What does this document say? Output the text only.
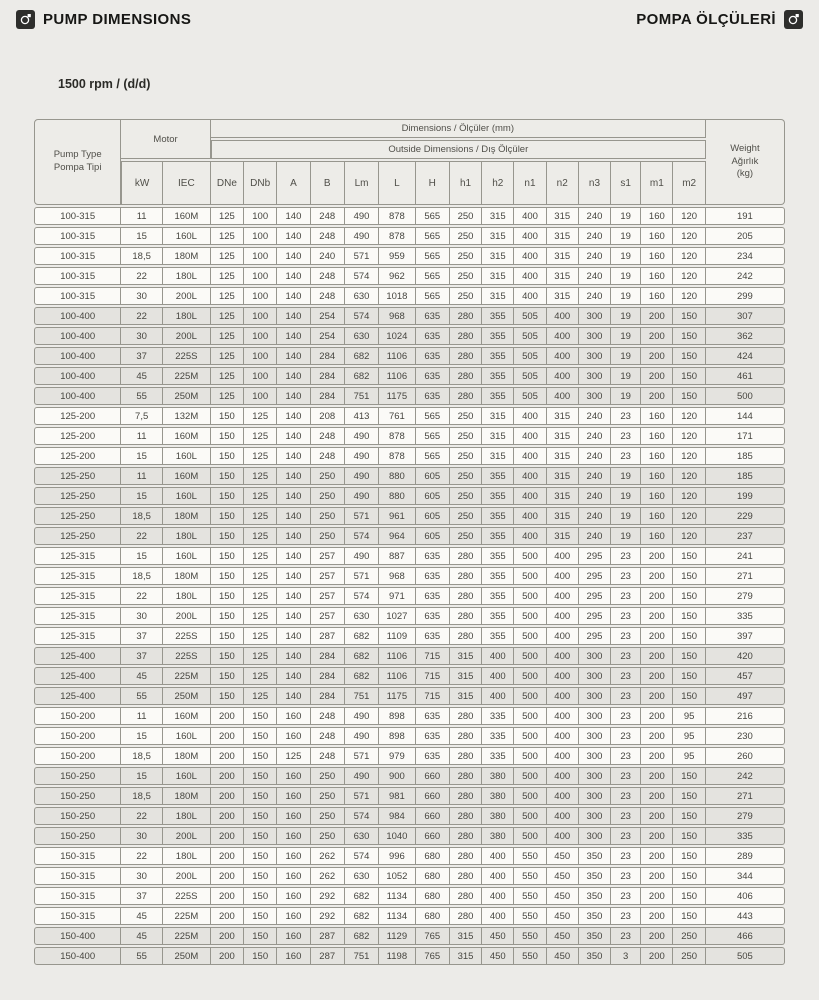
PUMP DIMENSIONS	POMPA ÖLÇÜLERİ
1500 rpm / (d/d)
Pump Type
Pompa Tipi	Motor		Dimensions / Ölçüler (mm)															Weight
Ağırlık
(kg)

			Outside Dimensions / Dış Ölçüler															
	kW	IEC	DNe	DNb	A	B	Lm	L	H	h1	h2	n1	n2	n3	s1	m1	m2	
100-315	11	160M	125	100	140	248	490	878	565	250	315	400	315	240	19	160	120	191
100-315	15	160L	125	100	140	248	490	878	565	250	315	400	315	240	19	160	120	205
100-315	18,5	180M	125	100	140	240	571	959	565	250	315	400	315	240	19	160	120	234
100-315	22	180L	125	100	140	248	574	962	565	250	315	400	315	240	19	160	120	242
100-315	30	200L	125	100	140	248	630	1018	565	250	315	400	315	240	19	160	120	299
100-400	22	180L	125	100	140	254	574	968	635	280	355	505	400	300	19	200	150	307
100-400	30	200L	125	100	140	254	630	1024	635	280	355	505	400	300	19	200	150	362
100-400	37	225S	125	100	140	284	682	1106	635	280	355	505	400	300	19	200	150	424
100-400	45	225M	125	100	140	284	682	1106	635	280	355	505	400	300	19	200	150	461
100-400	55	250M	125	100	140	284	751	1175	635	280	355	505	400	300	19	200	150	500
125-200	7,5	132M	150	125	140	208	413	761	565	250	315	400	315	240	23	160	120	144
125-200	11	160M	150	125	140	248	490	878	565	250	315	400	315	240	23	160	120	171
125-200	15	160L	150	125	140	248	490	878	565	250	315	400	315	240	23	160	120	185
125-250	11	160M	150	125	140	250	490	880	605	250	355	400	315	240	19	160	120	185
125-250	15	160L	150	125	140	250	490	880	605	250	355	400	315	240	19	160	120	199
125-250	18,5	180M	150	125	140	250	571	961	605	250	355	400	315	240	19	160	120	229
125-250	22	180L	150	125	140	250	574	964	605	250	355	400	315	240	19	160	120	237
125-315	15	160L	150	125	140	257	490	887	635	280	355	500	400	295	23	200	150	241
125-315	18,5	180M	150	125	140	257	571	968	635	280	355	500	400	295	23	200	150	271
125-315	22	180L	150	125	140	257	574	971	635	280	355	500	400	295	23	200	150	279
125-315	30	200L	150	125	140	257	630	1027	635	280	355	500	400	295	23	200	150	335
125-315	37	225S	150	125	140	287	682	1109	635	280	355	500	400	295	23	200	150	397
125-400	37	225S	150	125	140	284	682	1106	715	315	400	500	400	300	23	200	150	420
125-400	45	225M	150	125	140	284	682	1106	715	315	400	500	400	300	23	200	150	457
125-400	55	250M	150	125	140	284	751	1175	715	315	400	500	400	300	23	200	150	497
150-200	11	160M	200	150	160	248	490	898	635	280	335	500	400	300	23	200	95	216
150-200	15	160L	200	150	160	248	490	898	635	280	335	500	400	300	23	200	95	230
150-200	18,5	180M	200	150	125	248	571	979	635	280	335	500	400	300	23	200	95	260
150-250	15	160L	200	150	160	250	490	900	660	280	380	500	400	300	23	200	150	242
150-250	18,5	180M	200	150	160	250	571	981	660	280	380	500	400	300	23	200	150	271
150-250	22	180L	200	150	160	250	574	984	660	280	380	500	400	300	23	200	150	279
150-250	30	200L	200	150	160	250	630	1040	660	280	380	500	400	300	23	200	150	335
150-315	22	180L	200	150	160	262	574	996	680	280	400	550	450	350	23	200	150	289
150-315	30	200L	200	150	160	262	630	1052	680	280	400	550	450	350	23	200	150	344
150-315	37	225S	200	150	160	292	682	1134	680	280	400	550	450	350	23	200	150	406
150-315	45	225M	200	150	160	292	682	1134	680	280	400	550	450	350	23	200	150	443
150-400	45	225M	200	150	160	287	682	1129	765	315	450	550	450	350	23	200	250	466
150-400	55	250M	200	150	160	287	751	1198	765	315	450	550	450	350	3	200	250	505
